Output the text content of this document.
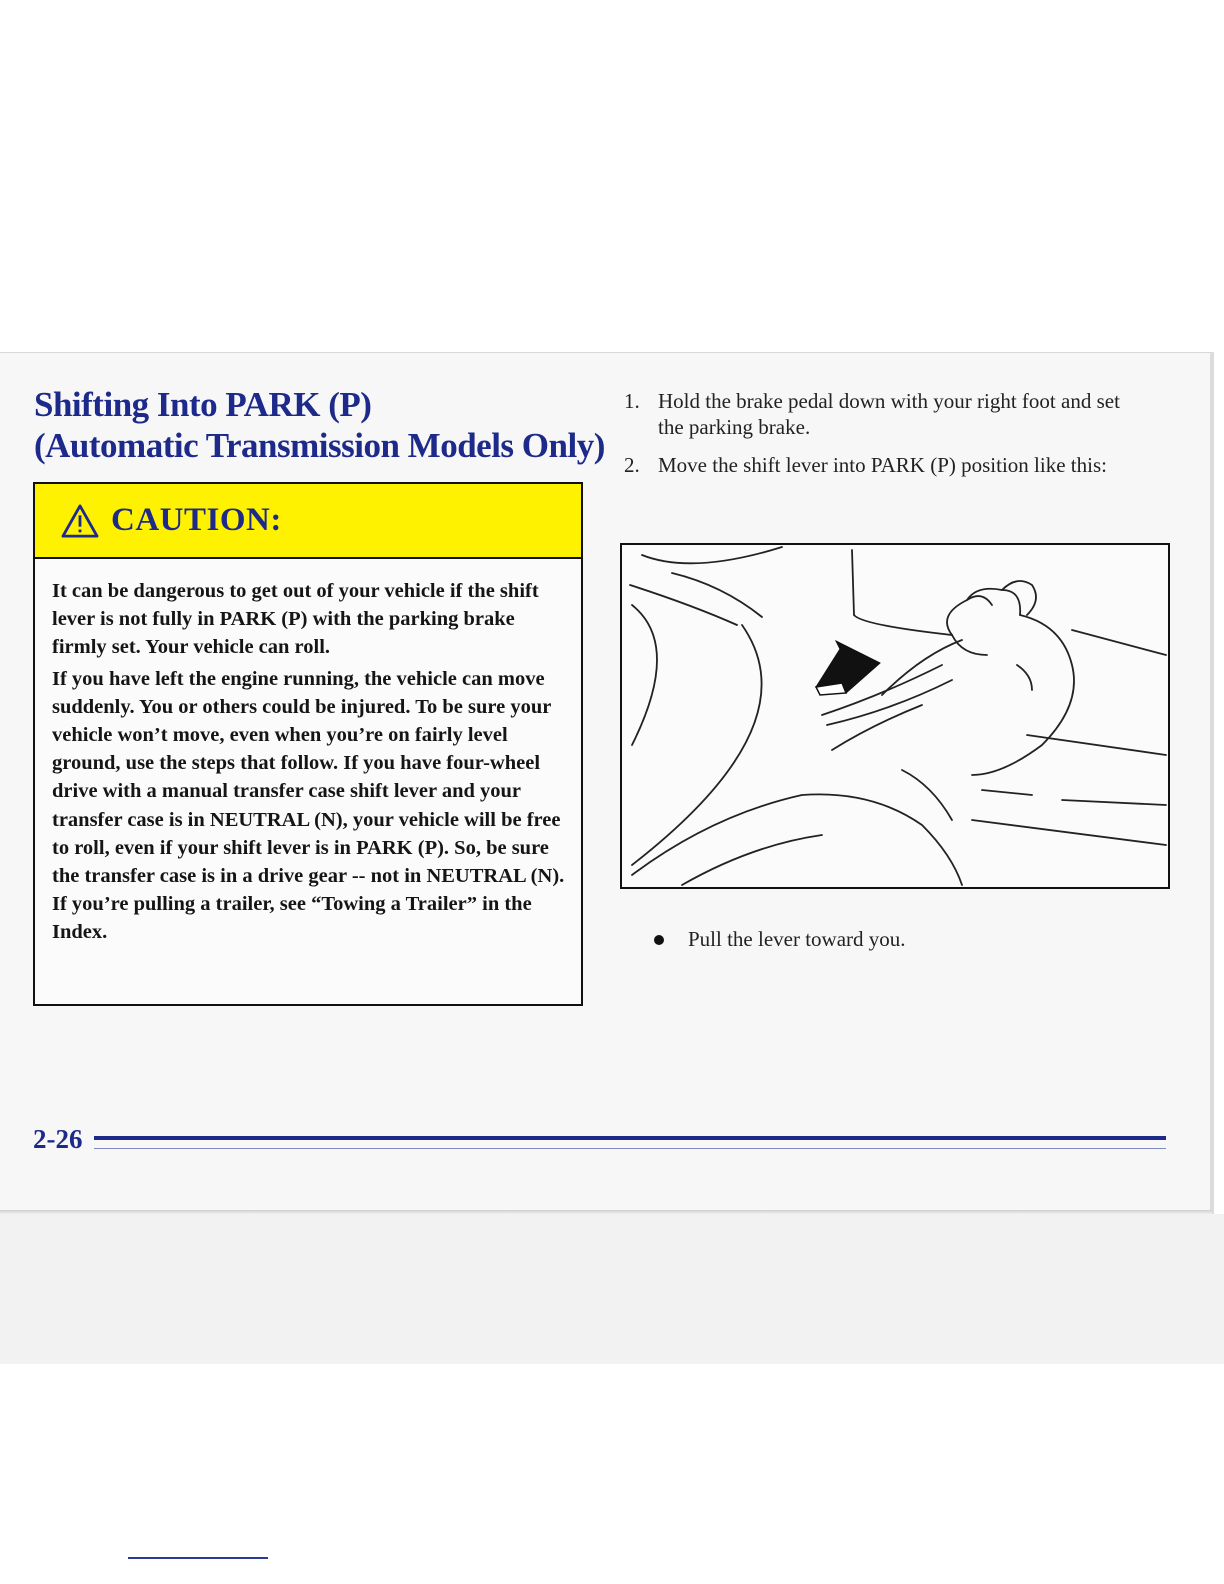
Shifting Into PARK (P)
(Automatic Transmission Models Only)
CAUTION:

It can be dangerous to get out of your vehicle if the shift lever is not fully in PARK (P) with the parking brake firmly set. Your vehicle can roll.

If you have left the engine running, the vehicle can move suddenly. You or others could be injured. To be sure your vehicle won’t move, even when you’re on fairly level ground, use the steps that follow. If you have four-wheel drive with a manual transfer case shift lever and your transfer case is in NEUTRAL (N), your vehicle will be free to roll, even if your shift lever is in PARK (P). So, be sure the transfer case is in a drive gear -- not in NEUTRAL (N). If you’re pulling a trailer, see “Towing a Trailer” in the Index.

1. Hold the brake pedal down with your right foot and set the parking brake.
2. Move the shift lever into PARK (P) position like this:
Pull the lever toward you.
2-26
